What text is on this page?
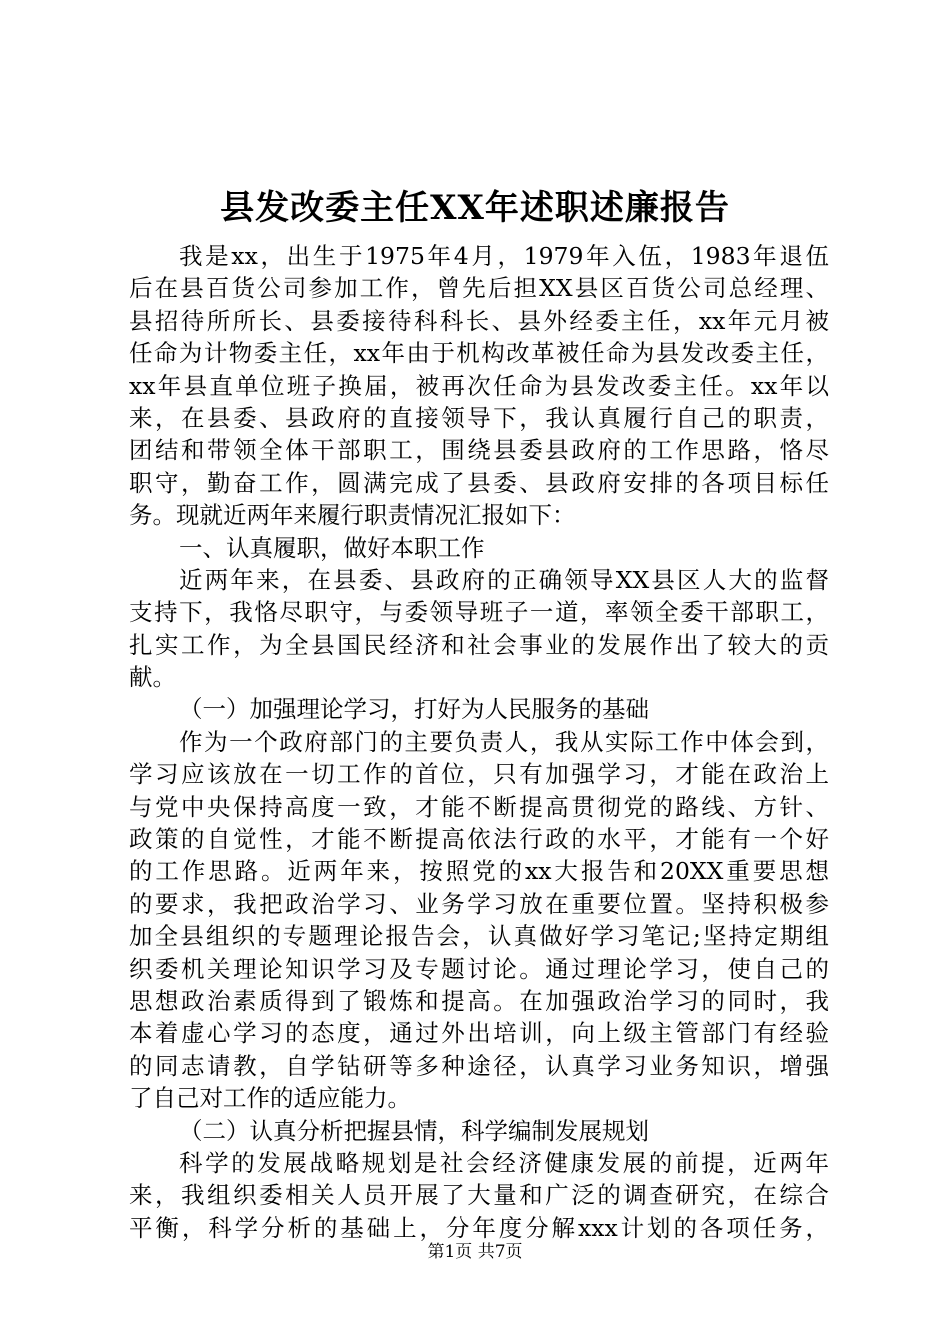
县发改委主任XX年述职述廉报告
我是xx，出生于1975年4月，1979年入伍，1983年退伍
后在县百货公司参加工作，曾先后担XX县区百货公司总经理、
县招待所所长、县委接待科科长、县外经委主任，xx年元月被
任命为计物委主任，xx年由于机构改革被任命为县发改委主任，
xx年县直单位班子换届，被再次任命为县发改委主任。xx年以
来，在县委、县政府的直接领导下，我认真履行自己的职责，
团结和带领全体干部职工，围绕县委县政府的工作思路，恪尽
职守，勤奋工作，圆满完成了县委、县政府安排的各项目标任
务。现就近两年来履行职责情况汇报如下：
一、认真履职，做好本职工作
近两年来，在县委、县政府的正确领导XX县区人大的监督
支持下，我恪尽职守，与委领导班子一道，率领全委干部职工，
扎实工作，为全县国民经济和社会事业的发展作出了较大的贡
献。
（一）加强理论学习，打好为人民服务的基础
作为一个政府部门的主要负责人，我从实际工作中体会到，
学习应该放在一切工作的首位，只有加强学习，才能在政治上
与党中央保持高度一致，才能不断提高贯彻党的路线、方针、
政策的自觉性，才能不断提高依法行政的水平，才能有一个好
的工作思路。近两年来，按照党的xx大报告和20XX重要思想
的要求，我把政治学习、业务学习放在重要位置。坚持积极参
加全县组织的专题理论报告会，认真做好学习笔记;坚持定期组
织委机关理论知识学习及专题讨论。通过理论学习，使自己的
思想政治素质得到了锻炼和提高。在加强政治学习的同时，我
本着虚心学习的态度，通过外出培训，向上级主管部门有经验
的同志请教，自学钻研等多种途径，认真学习业务知识，增强
了自己对工作的适应能力。
（二）认真分析把握县情，科学编制发展规划
科学的发展战略规划是社会经济健康发展的前提，近两年
来，我组织委相关人员开展了大量和广泛的调查研究，在综合
平衡，科学分析的基础上，分年度分解xxx计划的各项任务，
第1页 共7页
